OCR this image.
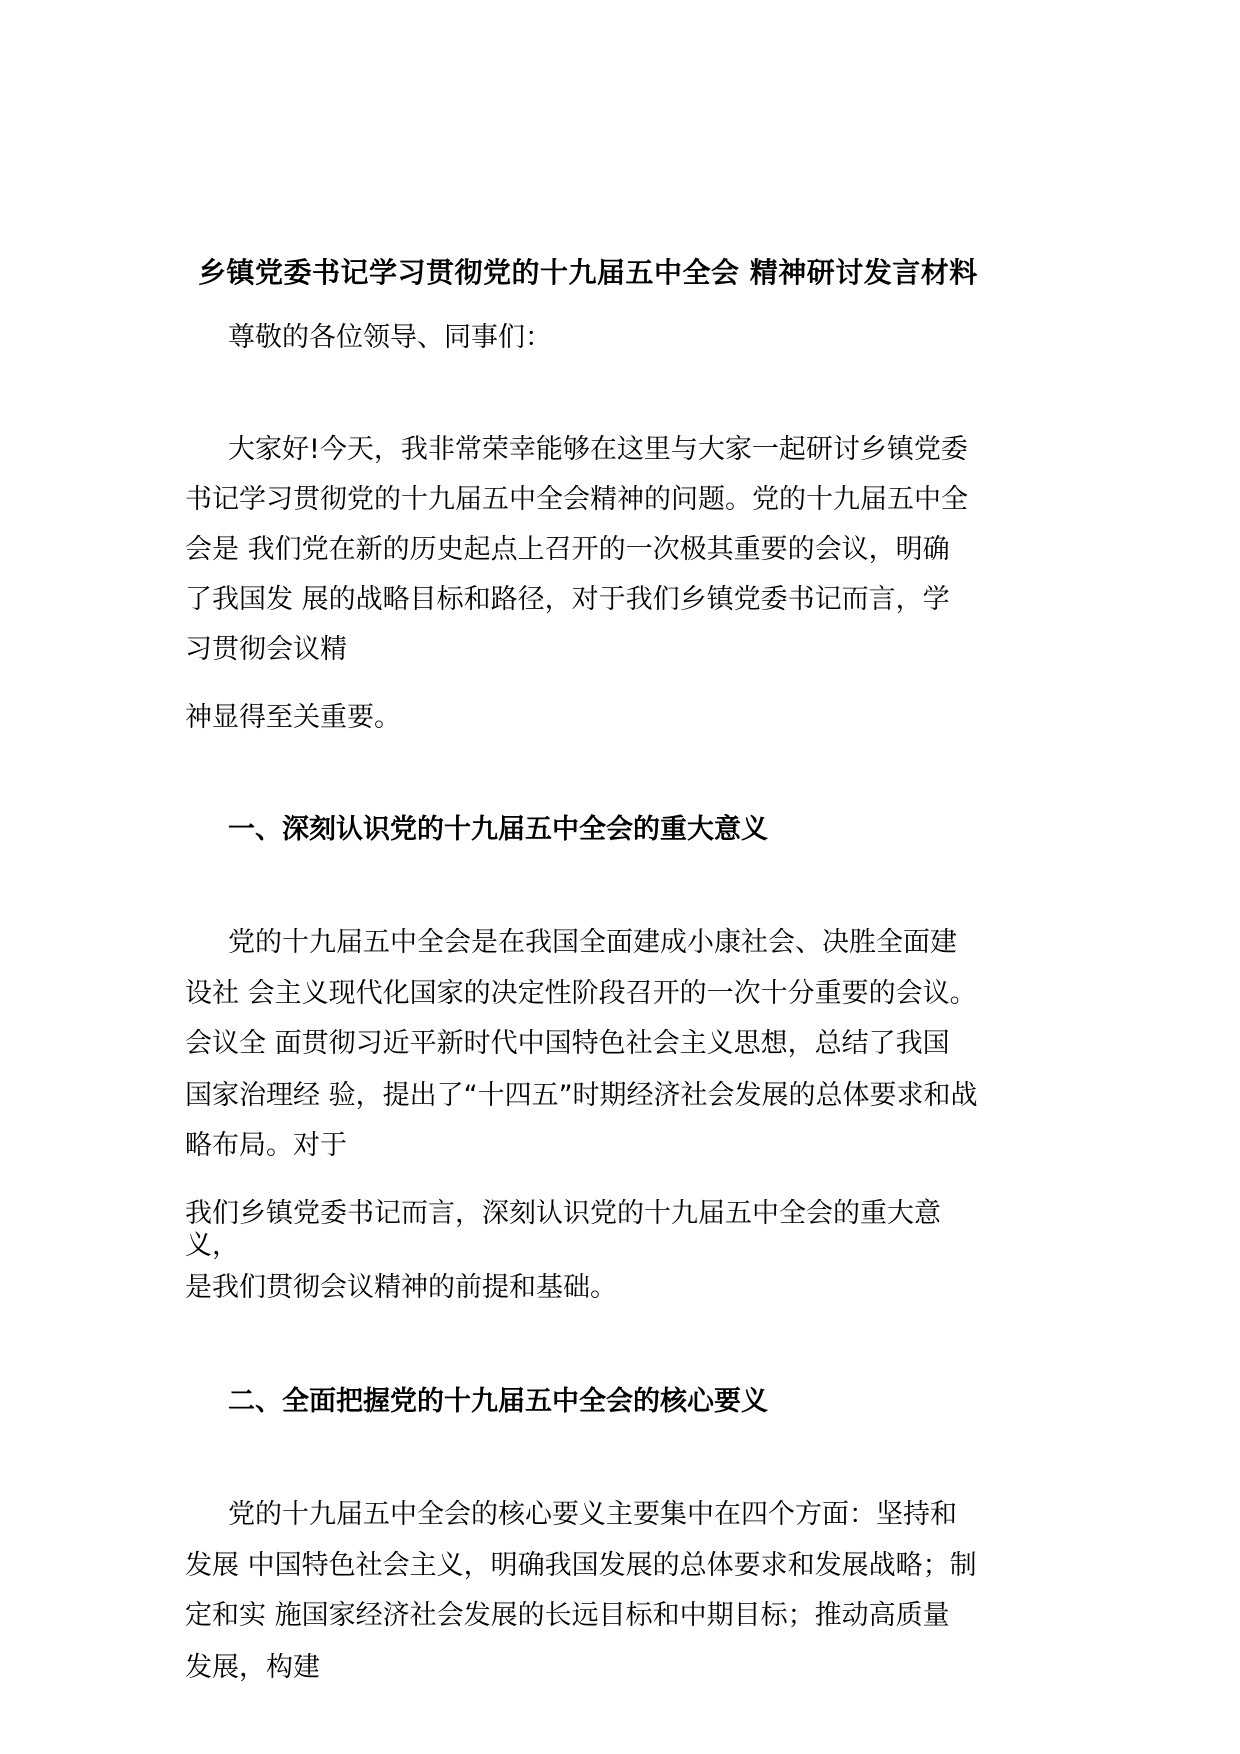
乡镇党委书记学习贯彻党的十九届五中全会 精神研讨发言材料

尊敬的各位领导、同事们：

大家好!今天，我非常荣幸能够在这里与大家一起研讨乡镇党委

书记学习贯彻党的十九届五中全会精神的问题。党的十九届五中全

会是 我们党在新的历史起点上召开的一次极其重要的会议，明确

了我国发 展的战略目标和路径，对于我们乡镇党委书记而言，学

习贯彻会议精

神显得至关重要。

一、深刻认识党的十九届五中全会的重大意义

党的十九届五中全会是在我国全面建成小康社会、决胜全面建

设社 会主义现代化国家的决定性阶段召开的一次十分重要的会议。

会议全 面贯彻习近平新时代中国特色社会主义思想，总结了我国

国家治理经 验，提出了“十四五”时期经济社会发展的总体要求和战

略布局。对于

我们乡镇党委书记而言，深刻认识党的十九届五中全会的重大意

义，

是我们贯彻会议精神的前提和基础。

二、全面把握党的十九届五中全会的核心要义

党的十九届五中全会的核心要义主要集中在四个方面：坚持和

发展 中国特色社会主义，明确我国发展的总体要求和发展战略；制

定和实 施国家经济社会发展的长远目标和中期目标；推动高质量

发展，构建
